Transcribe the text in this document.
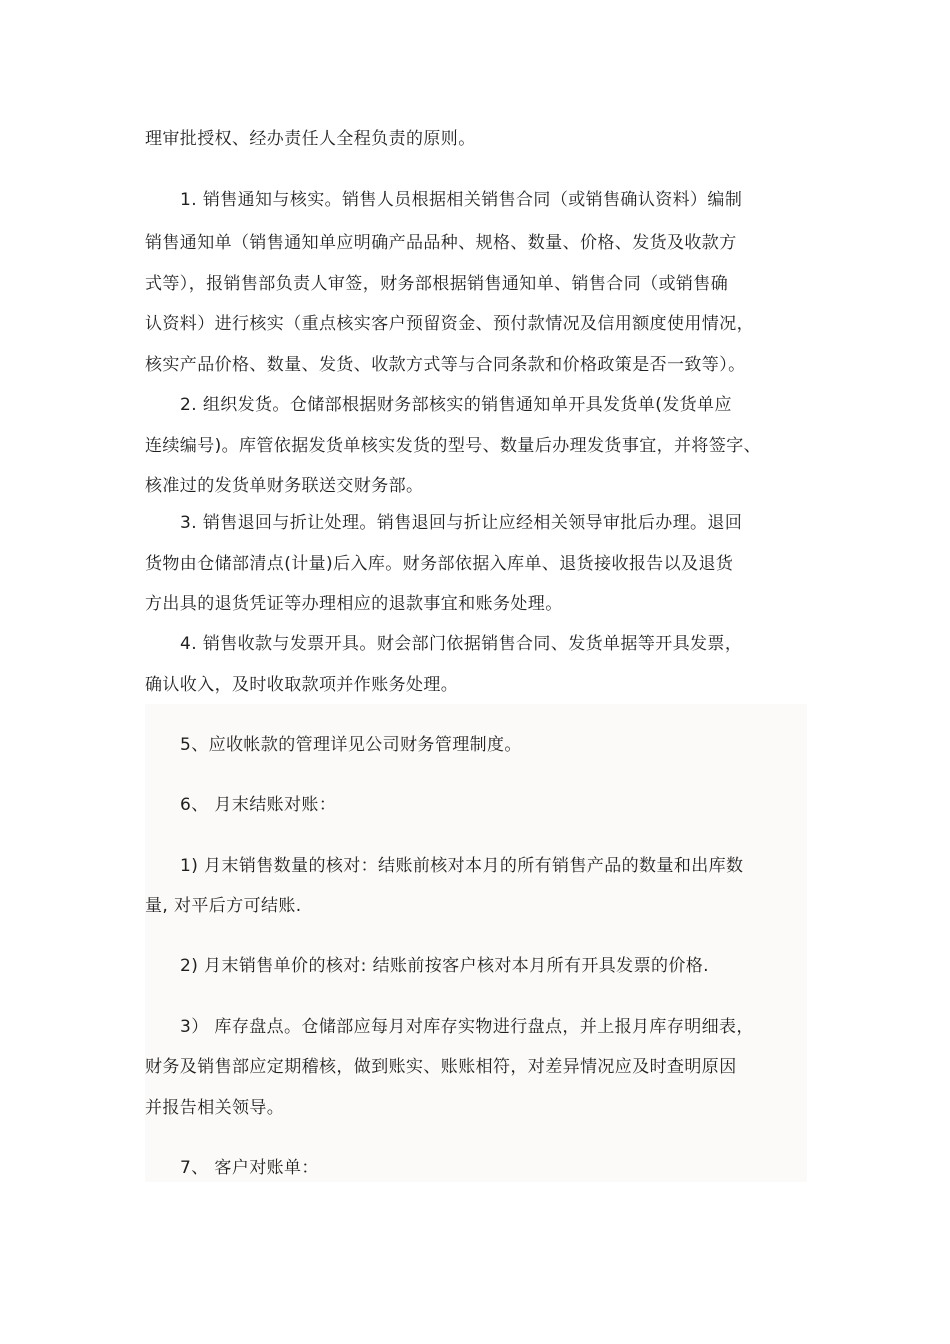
理审批授权、经办责任人全程负责的原则。
1. 销售通知与核实。销售人员根据相关销售合同（或销售确认资料）编制
销售通知单（销售通知单应明确产品品种、规格、数量、价格、发货及收款方
式等），报销售部负责人审签，财务部根据销售通知单、销售合同（或销售确
认资料）进行核实（重点核实客户预留资金、预付款情况及信用额度使用情况，
核实产品价格、数量、发货、收款方式等与合同条款和价格政策是否一致等）。
2. 组织发货。仓储部根据财务部核实的销售通知单开具发货单(发货单应
连续编号)。库管依据发货单核实发货的型号、数量后办理发货事宜，并将签字、
核准过的发货单财务联送交财务部。
3. 销售退回与折让处理。销售退回与折让应经相关领导审批后办理。退回
货物由仓储部清点(计量)后入库。财务部依据入库单、退货接收报告以及退货
方出具的退货凭证等办理相应的退款事宜和账务处理。
4. 销售收款与发票开具。财会部门依据销售合同、发货单据等开具发票，
确认收入，及时收取款项并作账务处理。
5、应收帐款的管理详见公司财务管理制度。
6、 月末结账对账：
1) 月末销售数量的核对：结账前核对本月的所有销售产品的数量和出库数
量, 对平后方可结账.
2) 月末销售单价的核对: 结账前按客户核对本月所有开具发票的价格.
3） 库存盘点。仓储部应每月对库存实物进行盘点，并上报月库存明细表，
财务及销售部应定期稽核，做到账实、账账相符，对差异情况应及时查明原因
并报告相关领导。
7、 客户对账单：
